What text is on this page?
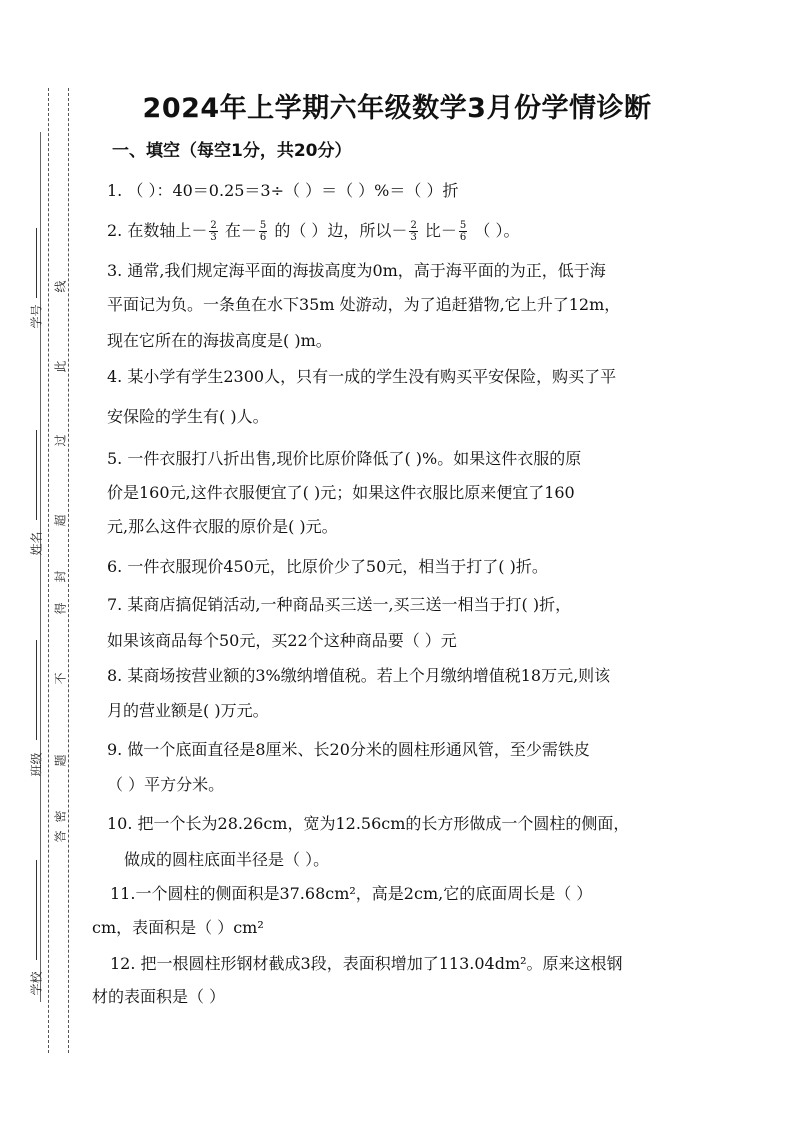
学号
姓名
班级
学校
线
此
过
超
封
得
不
题
答
密
2024年上学期六年级数学3月份学情诊断
一、填空（每空1分，共20分）
1. （ ）：40＝0.25＝3÷（ ）＝（ ）%＝（ ）折
2. 在数轴上－ $\frac{2}{3}$ 在－ $\frac{5}{6}$ 的（ ）边，所以－ $\frac{2}{3}$ 比－ $\frac{5}{6}$ （ ）。
3. 通常,我们规定海平面的海拔高度为0m，高于海平面的为正，低于海
平面记为负。一条鱼在水下35m 处游动，为了追赶猎物,它上升了12m，
现在它所在的海拔高度是( )m。
4. 某小学有学生2300人，只有一成的学生没有购买平安保险，购买了平
安保险的学生有( )人。
5. 一件衣服打八折出售,现价比原价降低了( )%。如果这件衣服的原
价是160元,这件衣服便宜了( )元；如果这件衣服比原来便宜了160
元,那么这件衣服的原价是( )元。
6. 一件衣服现价450元，比原价少了50元，相当于打了( )折。
7. 某商店搞促销活动,一种商品买三送一,买三送一相当于打( )折，
如果该商品每个50元，买22个这种商品要（ ）元
8. 某商场按营业额的3%缴纳增值税。若上个月缴纳增值税18万元,则该
月的营业额是( )万元。
9. 做一个底面直径是8厘米、长20分米的圆柱形通风管，至少需铁皮
（ ）平方分米。
10. 把一个长为28.26cm，宽为12.56cm的长方形做成一个圆柱的侧面，
做成的圆柱底面半径是（ ）。
11.一个圆柱的侧面积是37.68cm²，高是2cm,它的底面周长是（ ）
cm，表面积是（ ）cm²
12. 把一根圆柱形钢材截成3段，表面积增加了113.04dm²。原来这根钢
材的表面积是（ ）
